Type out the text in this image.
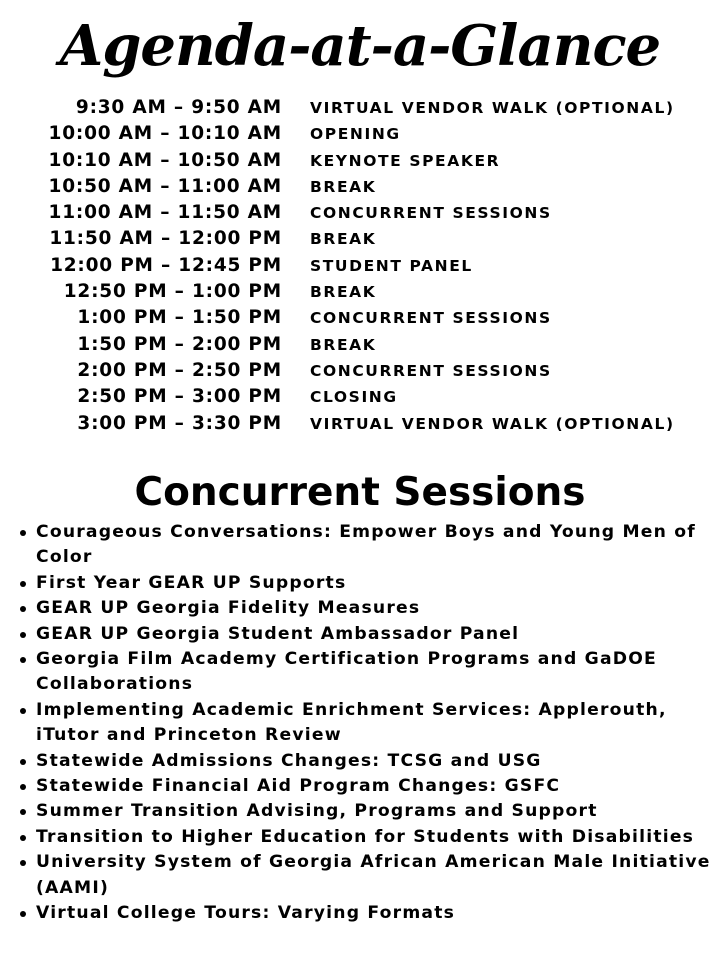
Agenda-at-a-Glance
9:30 AM – 9:50 AM VIRTUAL VENDOR WALK (OPTIONAL)
10:00 AM – 10:10 AM OPENING
10:10 AM – 10:50 AM KEYNOTE SPEAKER
10:50 AM – 11:00 AM BREAK
11:00 AM – 11:50 AM CONCURRENT SESSIONS
11:50 AM – 12:00 PM BREAK
12:00 PM – 12:45 PM STUDENT PANEL
12:50 PM – 1:00 PM BREAK
1:00 PM – 1:50 PM CONCURRENT SESSIONS
1:50 PM – 2:00 PM BREAK
2:00 PM – 2:50 PM CONCURRENT SESSIONS
2:50 PM – 3:00 PM CLOSING
3:00 PM – 3:30 PM VIRTUAL VENDOR WALK (OPTIONAL)
Concurrent Sessions
Courageous Conversations: Empower Boys and Young Men of Color
First Year GEAR UP Supports
GEAR UP Georgia Fidelity Measures
GEAR UP Georgia Student Ambassador Panel
Georgia Film Academy Certification Programs and GaDOE Collaborations
Implementing Academic Enrichment Services: Applerouth, iTutor and Princeton Review
Statewide Admissions Changes: TCSG and USG
Statewide Financial Aid Program Changes: GSFC
Summer Transition Advising, Programs and Support
Transition to Higher Education for Students with Disabilities
University System of Georgia African American Male Initiative (AAMI)
Virtual College Tours: Varying Formats
